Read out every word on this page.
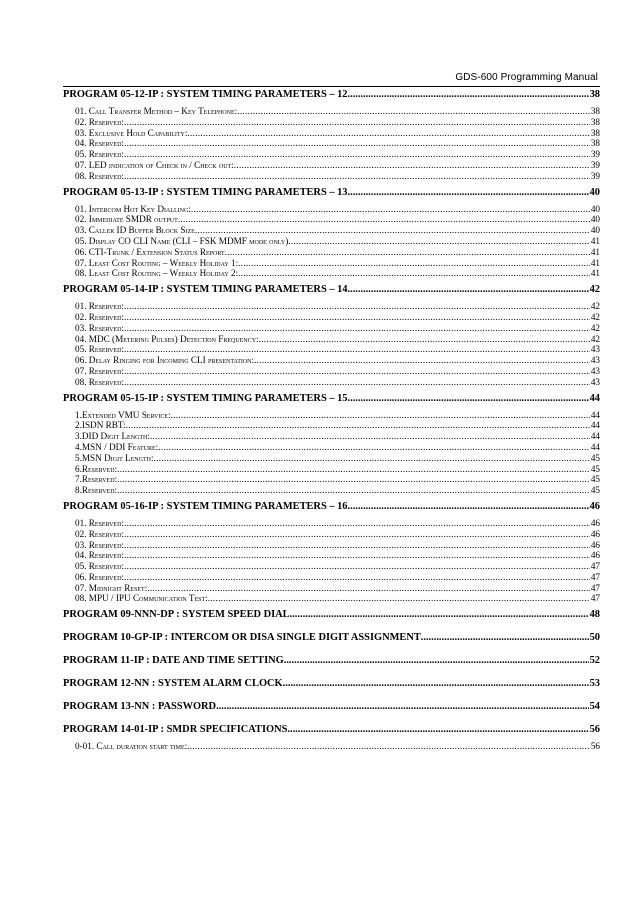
GDS-600 Programming Manual
PROGRAM 05-12-IP : SYSTEM TIMING PARAMETERS – 12 .....	38
01. Call Transfer Method – Key Telephone: .....	38
02. Reserved: .....	38
03. Exclusive Hold Capability: .....	38
04. Reserved: .....	38
05. Reserved: .....	39
07. LED indication of Check in / Check out: .....	39
08. Reserved: .....	39
PROGRAM 05-13-IP : SYSTEM TIMING PARAMETERS – 13 .....	40
01. Intercom Hot Key Dialling: .....	40
02. Immediate SMDR output .....	40
03. Caller ID Buffer Block Size .....	40
05. Display CO CLI Name (CLI – FSK MDMF mode only) .....	41
06. CTI-Trunk / Extension Status Report .....	41
07. Least Cost Routing – Weekly Holiday 1: .....	41
08. Least Cost Routing – Weekly Holiday 2: .....	41
PROGRAM 05-14-IP : SYSTEM TIMING PARAMETERS – 14 .....	42
01. Reserved: .....	42
02. Reserved: .....	42
03. Reserved: .....	42
04. MDC (Metering Pulses) Detection Frequency: .....	42
05. Reserved: .....	43
06. Delay Ringing for Incoming CLI presentation: .....	43
07. Reserved: .....	43
08. Reserved: .....	43
PROGRAM 05-15-IP : SYSTEM TIMING PARAMETERS – 15 .....	44
1.Extended VMU Service: .....	44
2.ISDN RBT: .....	44
3.DID Digit Length: .....	44
4.MSN / DDI Feature: .....	44
5.MSN Digit Length: .....	45
6.Reserved: .....	45
7.Reserved: .....	45
8.Reserved: .....	45
PROGRAM 05-16-IP : SYSTEM TIMING PARAMETERS – 16 .....	46
01. Reserved: .....	46
02. Reserved: .....	46
03. Reserved: .....	46
04. Reserved: .....	46
05. Reserved: .....	47
06. Reserved: .....	47
07. Midnight Reset: .....	47
08. MPU / IPU Communication Test: .....	47
PROGRAM 09-NNN-DP : SYSTEM SPEED DIAL .....	48
PROGRAM 10-GP-IP : INTERCOM OR DISA SINGLE DIGIT ASSIGNMENT .....	50
PROGRAM 11-IP : DATE AND TIME SETTING .....	52
PROGRAM 12-NN : SYSTEM ALARM CLOCK .....	53
PROGRAM 13-NN : PASSWORD .....	54
PROGRAM 14-01-IP : SMDR SPECIFICATIONS .....	56
0-01. Call duration start time: .....	56
